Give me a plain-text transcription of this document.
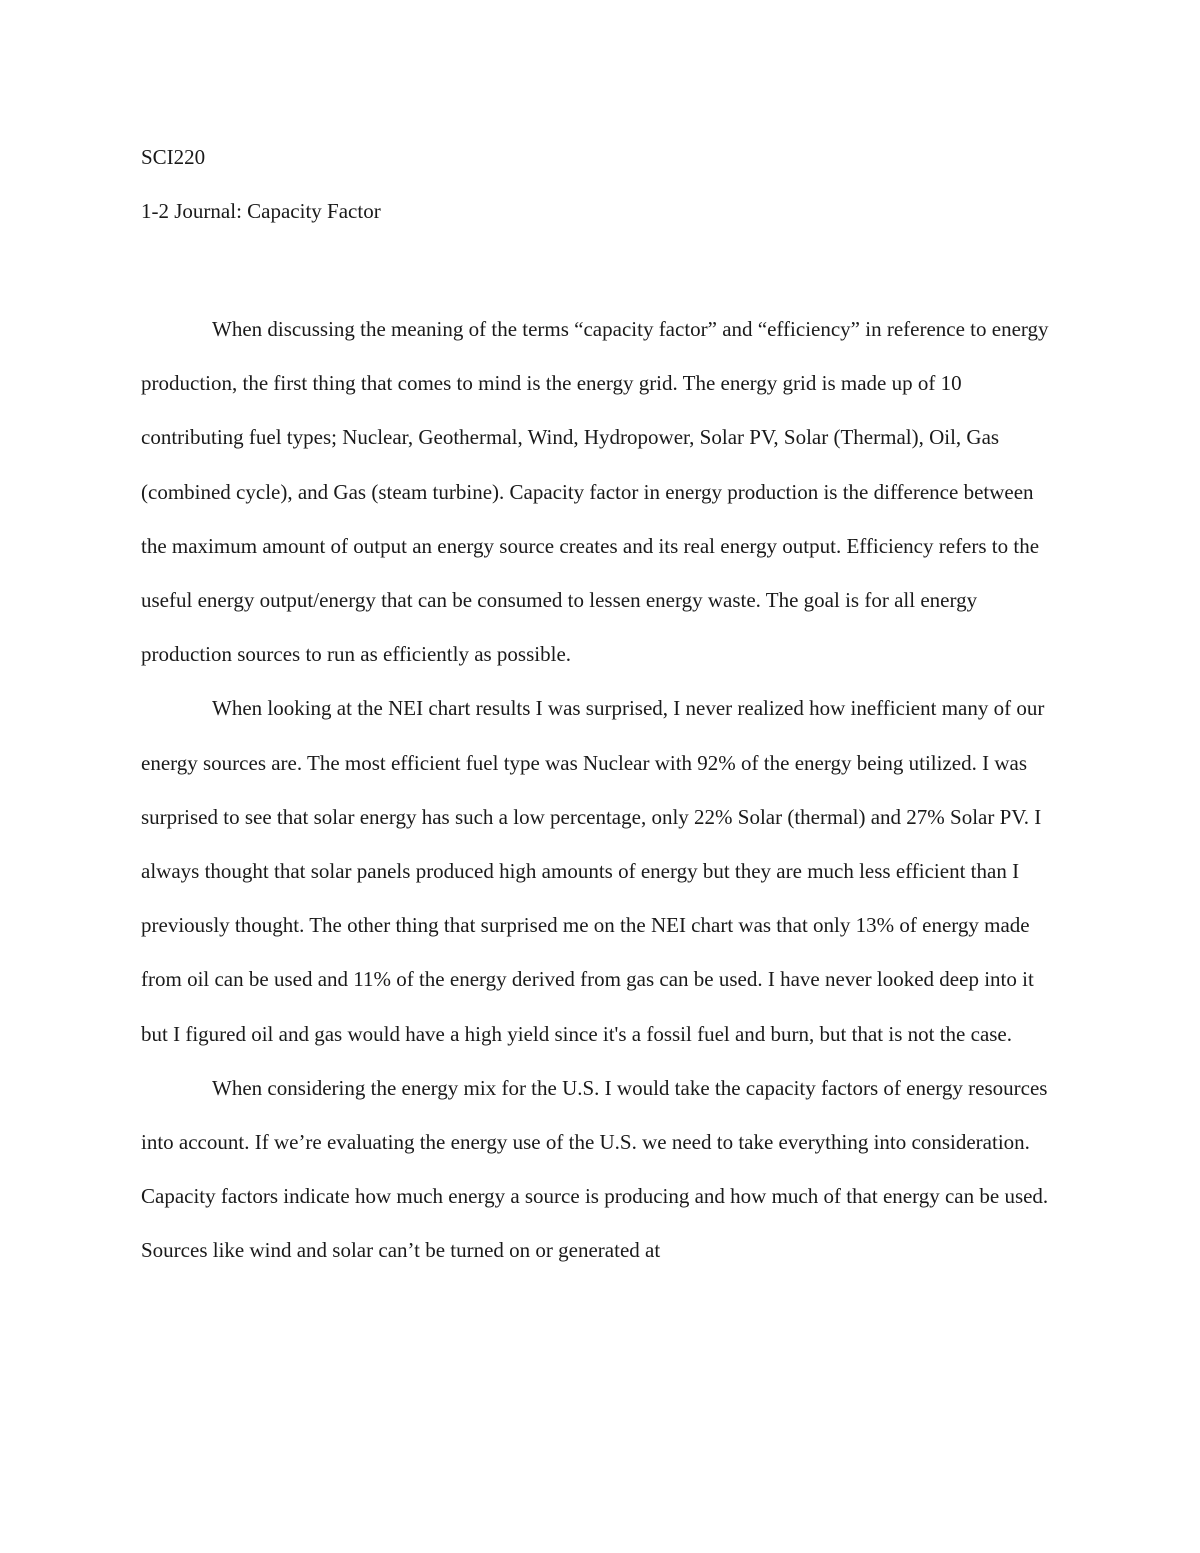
SCI220
1-2 Journal: Capacity Factor

When discussing the meaning of the terms “capacity factor” and “efficiency” in reference to energy production, the first thing that comes to mind is the energy grid. The energy grid is made up of 10 contributing fuel types; Nuclear, Geothermal, Wind, Hydropower, Solar PV, Solar (Thermal), Oil, Gas (combined cycle), and Gas (steam turbine). Capacity factor in energy production is the difference between the maximum amount of output an energy source creates and its real energy output. Efficiency refers to the useful energy output/energy that can be consumed to lessen energy waste. The goal is for all energy production sources to run as efficiently as possible.

When looking at the NEI chart results I was surprised, I never realized how inefficient many of our energy sources are. The most efficient fuel type was Nuclear with 92% of the energy being utilized. I was surprised to see that solar energy has such a low percentage, only 22% Solar (thermal) and 27% Solar PV. I always thought that solar panels produced high amounts of energy but they are much less efficient than I previously thought. The other thing that surprised me on the NEI chart was that only 13% of energy made from oil can be used and 11% of the energy derived from gas can be used. I have never looked deep into it but I figured oil and gas would have a high yield since it's a fossil fuel and burn, but that is not the case.

When considering the energy mix for the U.S. I would take the capacity factors of energy resources into account. If we’re evaluating the energy use of the U.S. we need to take everything into consideration. Capacity factors indicate how much energy a source is producing and how much of that energy can be used. Sources like wind and solar can’t be turned on or generated at
